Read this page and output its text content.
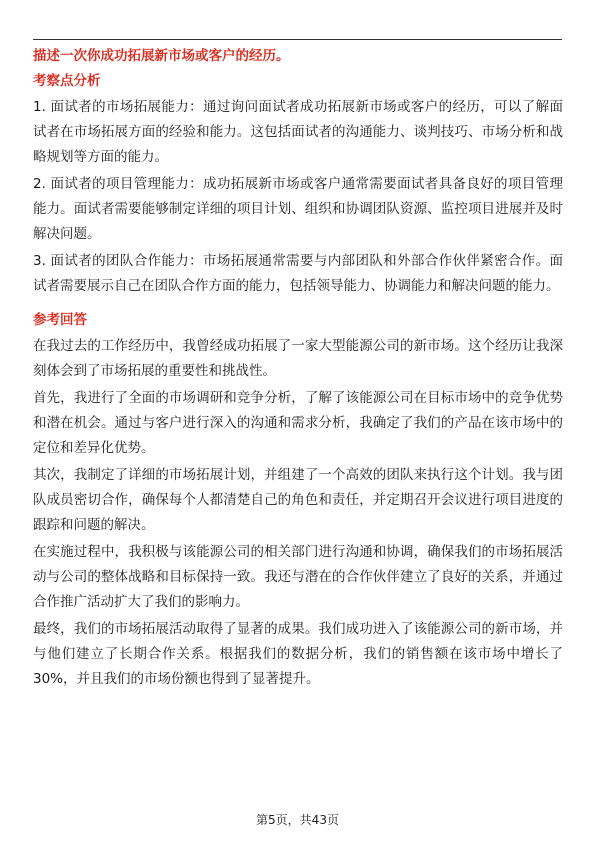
描述一次你成功拓展新市场或客户的经历。
考察点分析
1. 面试者的市场拓展能力：通过询问面试者成功拓展新市场或客户的经历，可以了解面试者在市场拓展方面的经验和能力。这包括面试者的沟通能力、谈判技巧、市场分析和战略规划等方面的能力。
2. 面试者的项目管理能力：成功拓展新市场或客户通常需要面试者具备良好的项目管理能力。面试者需要能够制定详细的项目计划、组织和协调团队资源、监控项目进展并及时解决问题。
3. 面试者的团队合作能力：市场拓展通常需要与内部团队和外部合作伙伴紧密合作。面试者需要展示自己在团队合作方面的能力，包括领导能力、协调能力和解决问题的能力。
参考回答
在我过去的工作经历中，我曾经成功拓展了一家大型能源公司的新市场。这个经历让我深刻体会到了市场拓展的重要性和挑战性。
首先，我进行了全面的市场调研和竞争分析，了解了该能源公司在目标市场中的竞争优势和潜在机会。通过与客户进行深入的沟通和需求分析，我确定了我们的产品在该市场中的定位和差异化优势。
其次，我制定了详细的市场拓展计划，并组建了一个高效的团队来执行这个计划。我与团队成员密切合作，确保每个人都清楚自己的角色和责任，并定期召开会议进行项目进度的跟踪和问题的解决。
在实施过程中，我积极与该能源公司的相关部门进行沟通和协调，确保我们的市场拓展活动与公司的整体战略和目标保持一致。我还与潜在的合作伙伴建立了良好的关系，并通过合作推广活动扩大了我们的影响力。
最终，我们的市场拓展活动取得了显著的成果。我们成功进入了该能源公司的新市场，并与他们建立了长期合作关系。根据我们的数据分析，我们的销售额在该市场中增长了30%，并且我们的市场份额也得到了显著提升。
第5页，共43页
